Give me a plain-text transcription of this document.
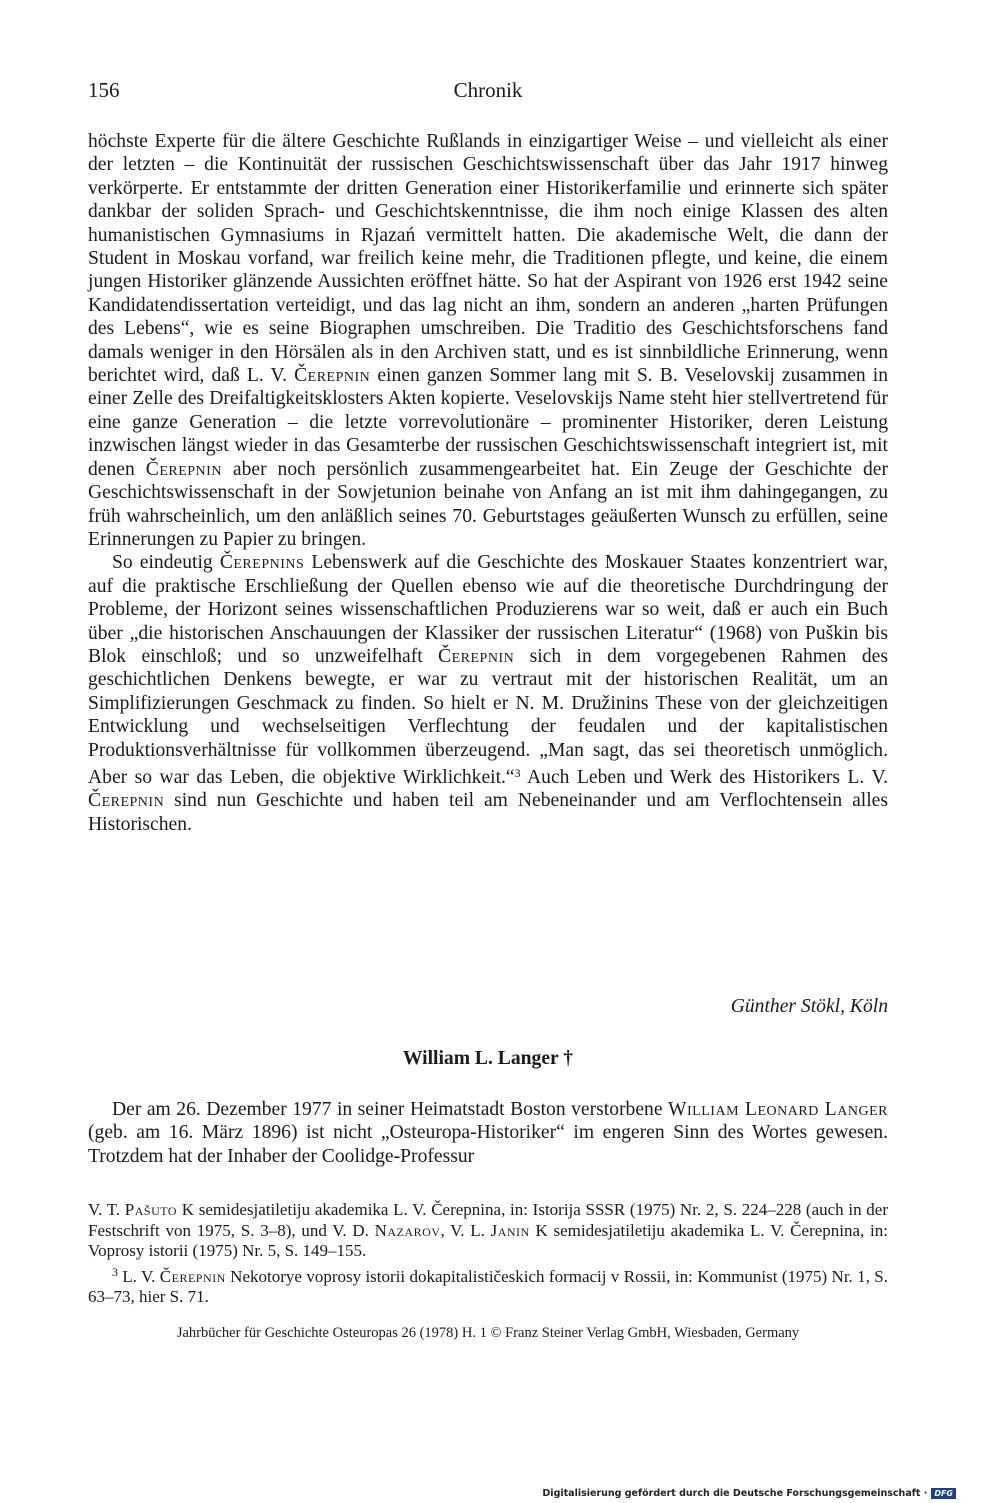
156	Chronik

höchste Experte für die ältere Geschichte Rußlands in einzigartiger Weise – und vielleicht als einer der letzten – die Kontinuität der russischen Geschichtswissenschaft über das Jahr 1917 hinweg verkörperte. Er entstammte der dritten Generation einer Historikerfamilie und erinnerte sich später dankbar der soliden Sprach- und Geschichtskenntnisse, die ihm noch einige Klassen des alten humanistischen Gymnasiums in Rjazań vermittelt hatten. Die akademische Welt, die dann der Student in Moskau vorfand, war freilich keine mehr, die Traditionen pflegte, und keine, die einem jungen Historiker glänzende Aussichten eröffnet hätte. So hat der Aspirant von 1926 erst 1942 seine Kandidatendissertation verteidigt, und das lag nicht an ihm, sondern an anderen „harten Prüfungen des Lebens“, wie es seine Biographen umschreiben. Die Traditio des Geschichtsforschens fand damals weniger in den Hörsälen als in den Archiven statt, und es ist sinnbildliche Erinnerung, wenn berichtet wird, daß L. V. Čerepnin einen ganzen Sommer lang mit S. B. Veselovskij zusammen in einer Zelle des Dreifaltigkeitsklosters Akten kopierte. Veselovskijs Name steht hier stellvertretend für eine ganze Generation – die letzte vorrevolutionäre – prominenter Historiker, deren Leistung inzwischen längst wieder in das Gesamterbe der russischen Geschichtswissenschaft integriert ist, mit denen Čerepnin aber noch persönlich zusammengearbeitet hat. Ein Zeuge der Geschichte der Geschichtswissenschaft in der Sowjetunion beinahe von Anfang an ist mit ihm dahingegangen, zu früh wahrscheinlich, um den anläßlich seines 70. Geburtstages geäußerten Wunsch zu erfüllen, seine Erinnerungen zu Papier zu bringen.

So eindeutig Čerepnins Lebenswerk auf die Geschichte des Moskauer Staates konzentriert war, auf die praktische Erschließung der Quellen ebenso wie auf die theoretische Durchdringung der Probleme, der Horizont seines wissenschaftlichen Produzierens war so weit, daß er auch ein Buch über „die historischen Anschauungen der Klassiker der russischen Literatur“ (1968) von Puškin bis Blok einschloß; und so unzweifelhaft Čerepnin sich in dem vorgegebenen Rahmen des geschichtlichen Denkens bewegte, er war zu vertraut mit der historischen Realität, um an Simplifizierungen Geschmack zu finden. So hielt er N. M. Družinins These von der gleichzeitigen Entwicklung und wechselseitigen Verflechtung der feudalen und der kapitalistischen Produktionsverhältnisse für vollkommen überzeugend. „Man sagt, das sei theoretisch unmöglich. Aber so war das Leben, die objektive Wirklichkeit.“$^3$ Auch Leben und Werk des Historikers L. V. Čerepnin sind nun Geschichte und haben teil am Nebeneinander und am Verflochtensein alles Historischen.

Günther Stökl, Köln
William L. Langer †

Der am 26. Dezember 1977 in seiner Heimatstadt Boston verstorbene William Leonard Langer (geb. am 16. März 1896) ist nicht „Osteuropa-Historiker“ im engeren Sinn des Wortes gewesen. Trotzdem hat der Inhaber der Coolidge-Professur

V. T. Pašuto K semidesjatiletiju akademika L. V. Čerepnina, in: Istorija SSSR (1975) Nr. 2, S. 224–228 (auch in der Festschrift von 1975, S. 3–8), und V. D. Nazarov, V. L. Janin K semidesjatiletiju akademika L. V. Čerepnina, in: Voprosy istorii (1975) Nr. 5, S. 149–155.

$^3$ L. V. Čerepnin Nekotorye voprosy istorii dokapitalističeskich formacij v Rossii, in: Kommunist (1975) Nr. 1, S. 63–73, hier S. 71.

Jahrbücher für Geschichte Osteuropas 26 (1978) H. 1 © Franz Steiner Verlag GmbH, Wiesbaden, Germany
Digitalisierung gefördert durch die Deutsche Forschungsgemeinschaft · DFG
